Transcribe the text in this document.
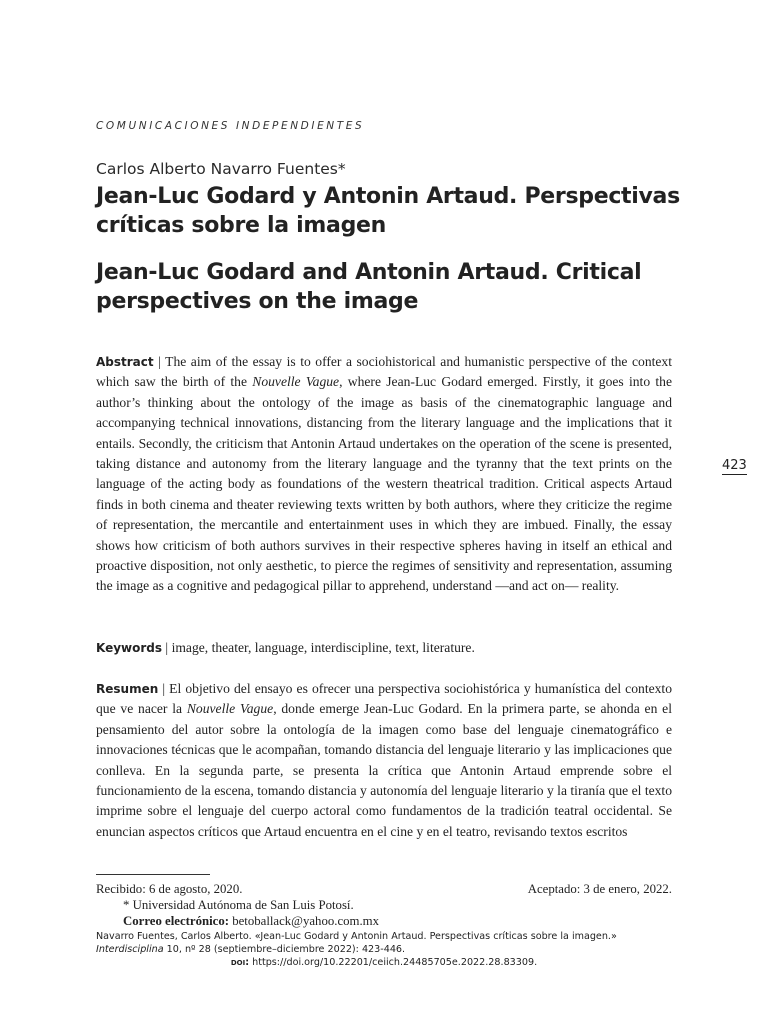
COMUNICACIONES INDEPENDIENTES
Carlos Alberto Navarro Fuentes*
Jean-Luc Godard y Antonin Artaud. Perspectivas críticas sobre la imagen
Jean-Luc Godard and Antonin Artaud. Critical perspectives on the image
Abstract | The aim of the essay is to offer a sociohistorical and humanistic perspective of the context which saw the birth of the Nouvelle Vague, where Jean-Luc Godard emerged. Firstly, it goes into the author’s thinking about the ontology of the image as basis of the cinematographic language and accompanying technical innovations, distancing from the literary language and the implications that it entails. Secondly, the criticism that Antonin Artaud undertakes on the operation of the scene is presented, taking distance and autonomy from the literary language and the tyranny that the text prints on the language of the acting body as foundations of the western theatrical tradition. Critical aspects Artaud finds in both cinema and theater reviewing texts written by both authors, where they criticize the regime of representation, the mercantile and entertainment uses in which they are imbued. Finally, the essay shows how criticism of both authors survives in their respective spheres having in itself an ethical and proactive disposition, not only aesthetic, to pierce the regimes of sensitivity and representation, assuming the image as a cognitive and pedagogical pillar to apprehend, understand —and act on— reality.
Keywords | image, theater, language, interdiscipline, text, literature.
Resumen | El objetivo del ensayo es ofrecer una perspectiva sociohistórica y humanística del contexto que ve nacer la Nouvelle Vague, donde emerge Jean-Luc Godard. En la primera parte, se ahonda en el pensamiento del autor sobre la ontología de la imagen como base del lenguaje cinematográfico e innovaciones técnicas que le acompañan, tomando distancia del lenguaje literario y las implicaciones que conlleva. En la segunda parte, se presenta la crítica que Antonin Artaud emprende sobre el funcionamiento de la escena, tomando distancia y autonomía del lenguaje literario y la tiranía que el texto imprime sobre el lenguaje del cuerpo actoral como fundamentos de la tradición teatral occidental. Se enuncian aspectos críticos que Artaud encuentra en el cine y en el teatro, revisando textos escritos
423
Recibido: 6 de agosto, 2020.	Aceptado: 3 de enero, 2022.
* Universidad Autónoma de San Luis Potosí.
Correo electrónico: betoballack@yahoo.com.mx
Navarro Fuentes, Carlos Alberto. «Jean-Luc Godard y Antonin Artaud. Perspectivas críticas sobre la imagen.» Interdisciplina 10, nº 28 (septiembre–diciembre 2022): 423-446.
doi: https://doi.org/10.22201/ceiich.24485705e.2022.28.83309.
